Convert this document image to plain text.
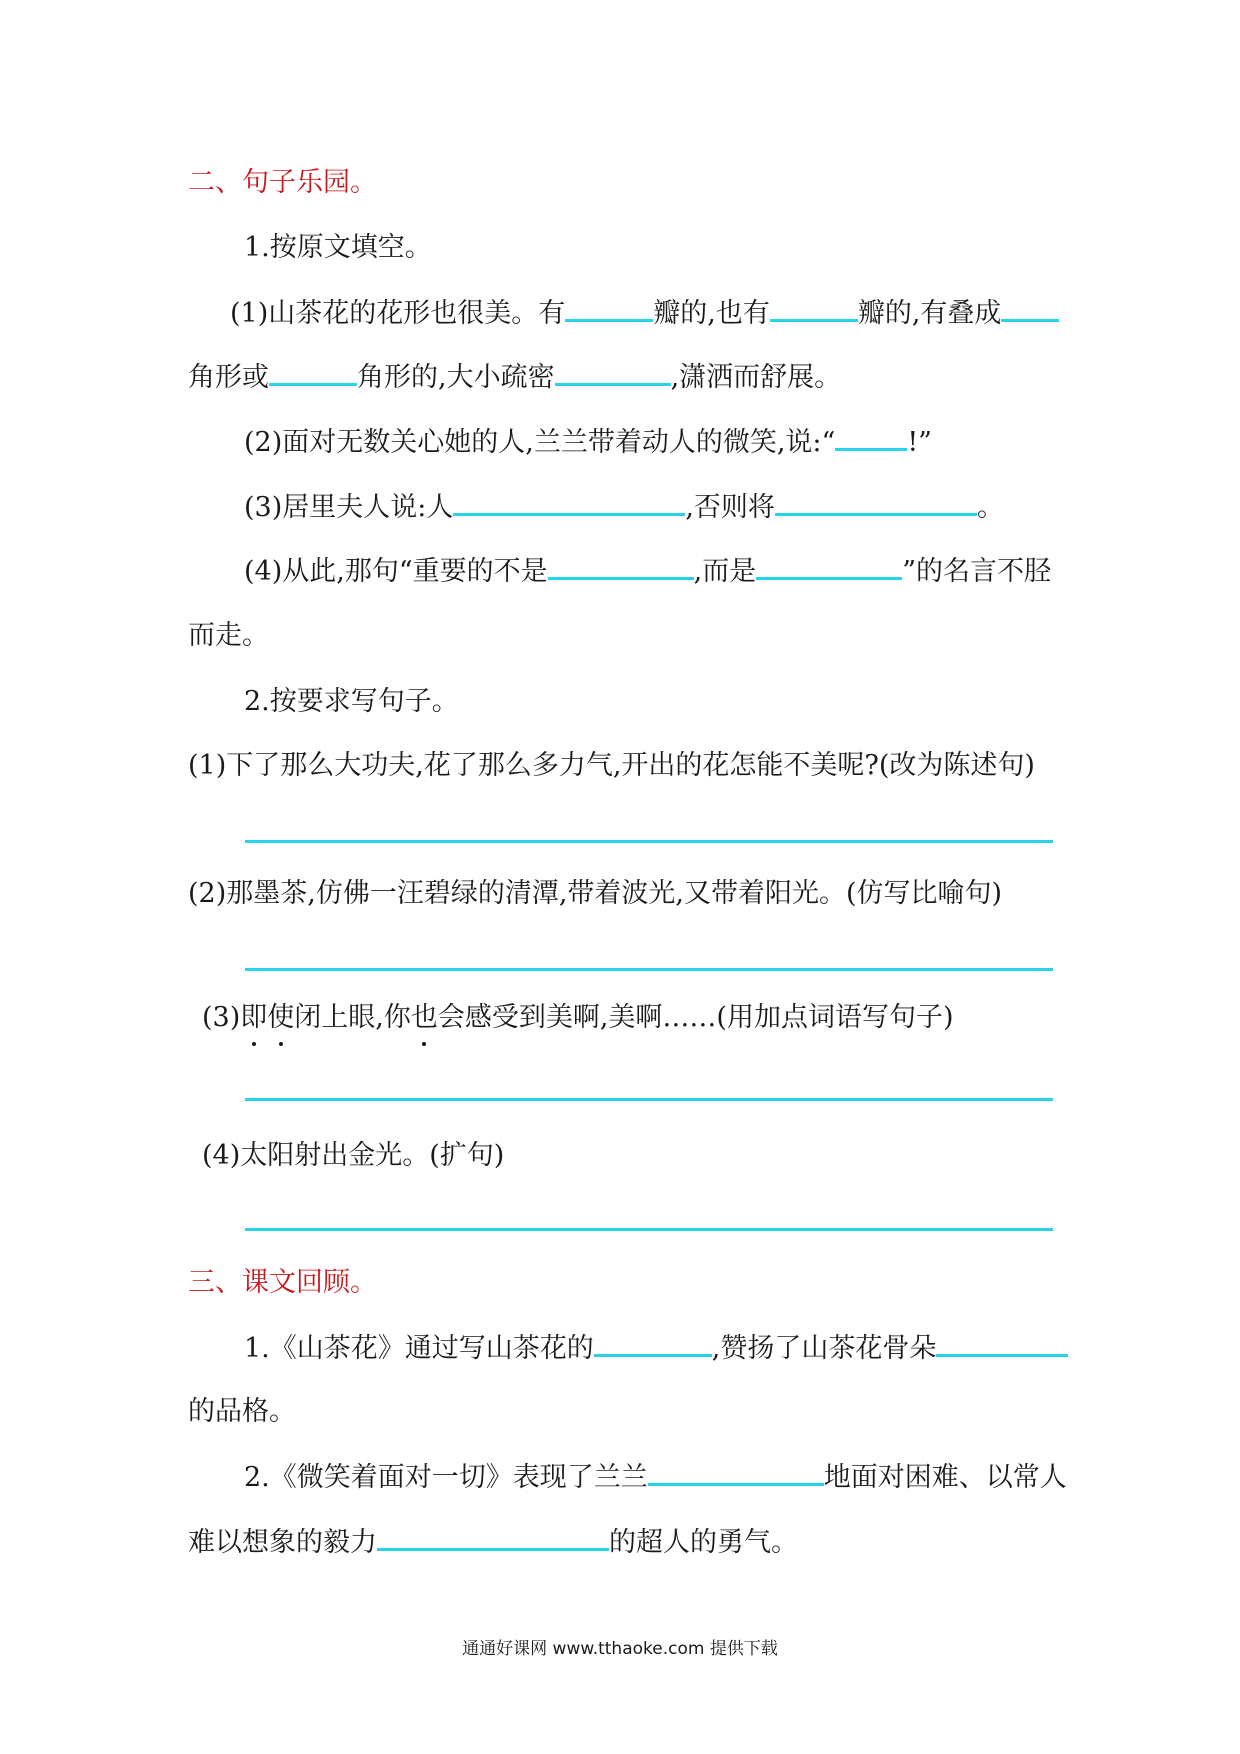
二、句子乐园。
1.按原文填空。
(1)山茶花的花形也很美。有	瓣的,也有	瓣的,有叠成
角形或	角形的,大小疏密	,潇洒而舒展。
(2)面对无数关心她的人,兰兰带着动人的微笑,说:“	!”
(3)居里夫人说:人	,否则将	。
(4)从此,那句“重要的不是	,而是	”的名言不胫
而走。
2.按要求写句子。
(1)下了那么大功夫,花了那么多力气,开出的花怎能不美呢?(改为陈述句)
(2)那墨茶,仿佛一汪碧绿的清潭,带着波光,又带着阳光。(仿写比喻句)
(3)即使闭上眼,你也会感受到美啊,美啊……(用加点词语写句子)
(4)太阳射出金光。(扩句)
三、课文回顾。
1.《山茶花》通过写山茶花的	,赞扬了山茶花骨朵
的品格。
2.《微笑着面对一切》表现了兰兰	地面对困难、以常人
难以想象的毅力	的超人的勇气。
通通好课网 www.tthaoke.com 提供下载
